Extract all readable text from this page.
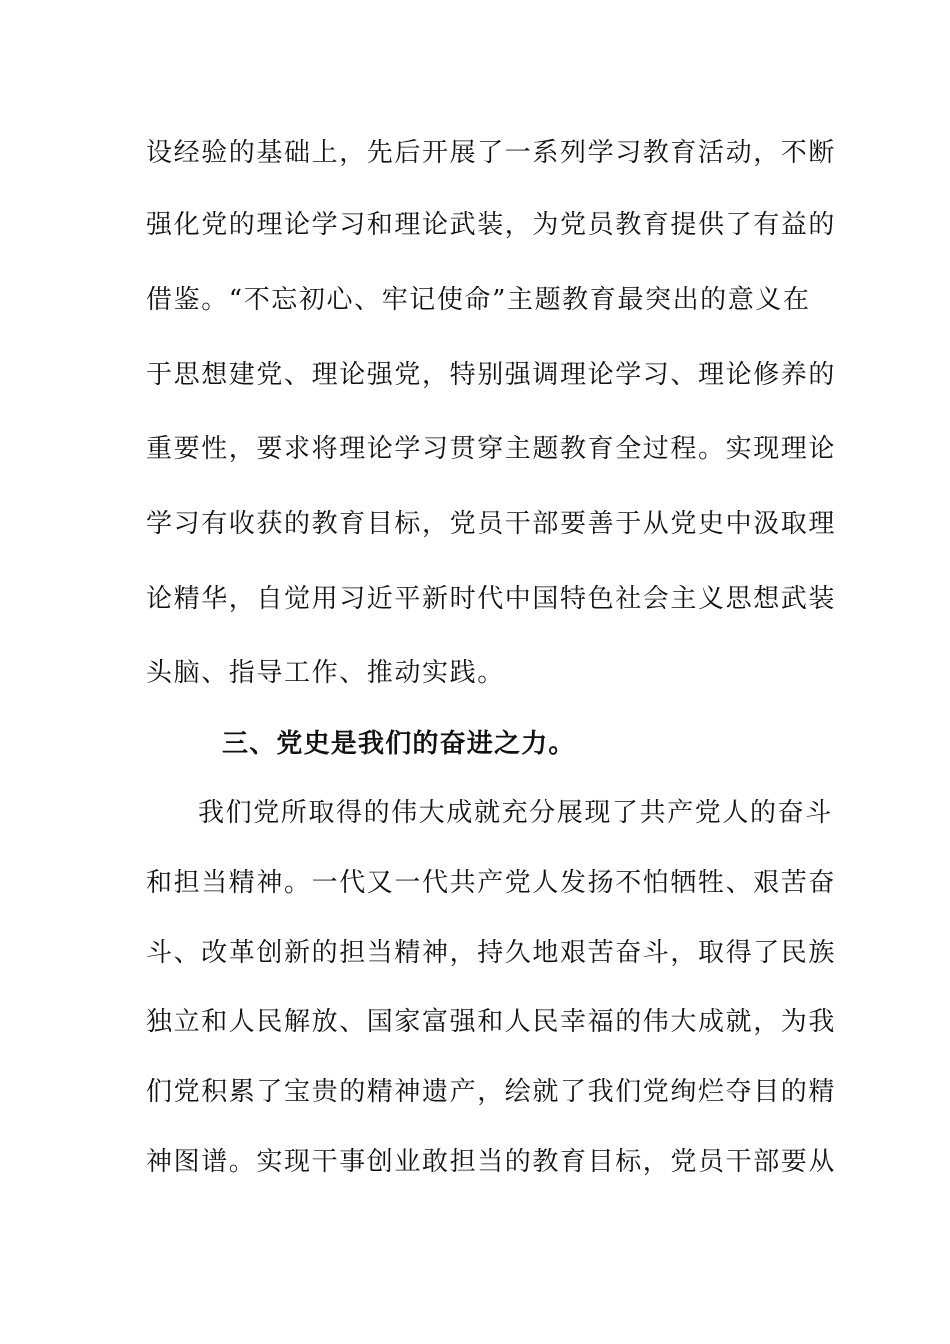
设经验的基础上，先后开展了一系列学习教育活动，不断
强化党的理论学习和理论武装，为党员教育提供了有益的
借鉴。“不忘初心、牢记使命”主题教育最突出的意义在
于思想建党、理论强党，特别强调理论学习、理论修养的
重要性，要求将理论学习贯穿主题教育全过程。实现理论
学习有收获的教育目标，党员干部要善于从党史中汲取理
论精华，自觉用习近平新时代中国特色社会主义思想武装
头脑、指导工作、推动实践。
三、党史是我们的奋进之力。
我们党所取得的伟大成就充分展现了共产党人的奋斗
和担当精神。一代又一代共产党人发扬不怕牺牲、艰苦奋
斗、改革创新的担当精神，持久地艰苦奋斗，取得了民族
独立和人民解放、国家富强和人民幸福的伟大成就，为我
们党积累了宝贵的精神遗产，绘就了我们党绚烂夺目的精
神图谱。实现干事创业敢担当的教育目标，党员干部要从
